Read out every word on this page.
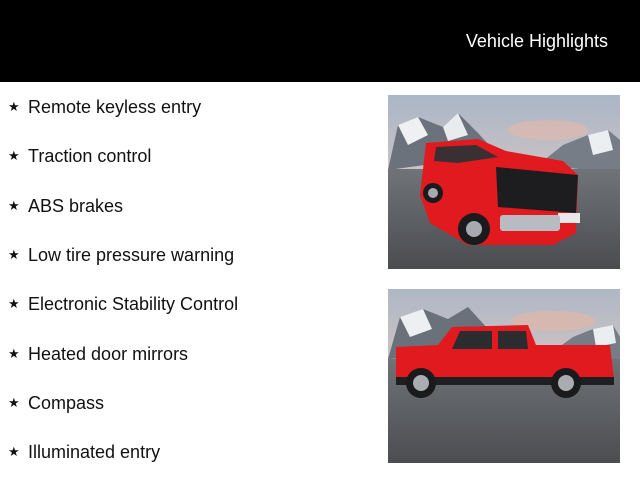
Vehicle Highlights
★ Remote keyless entry
★ Traction control
★ ABS brakes
★ Low tire pressure warning
★ Electronic Stability Control
★ Heated door mirrors
★ Compass
★ Illuminated entry
